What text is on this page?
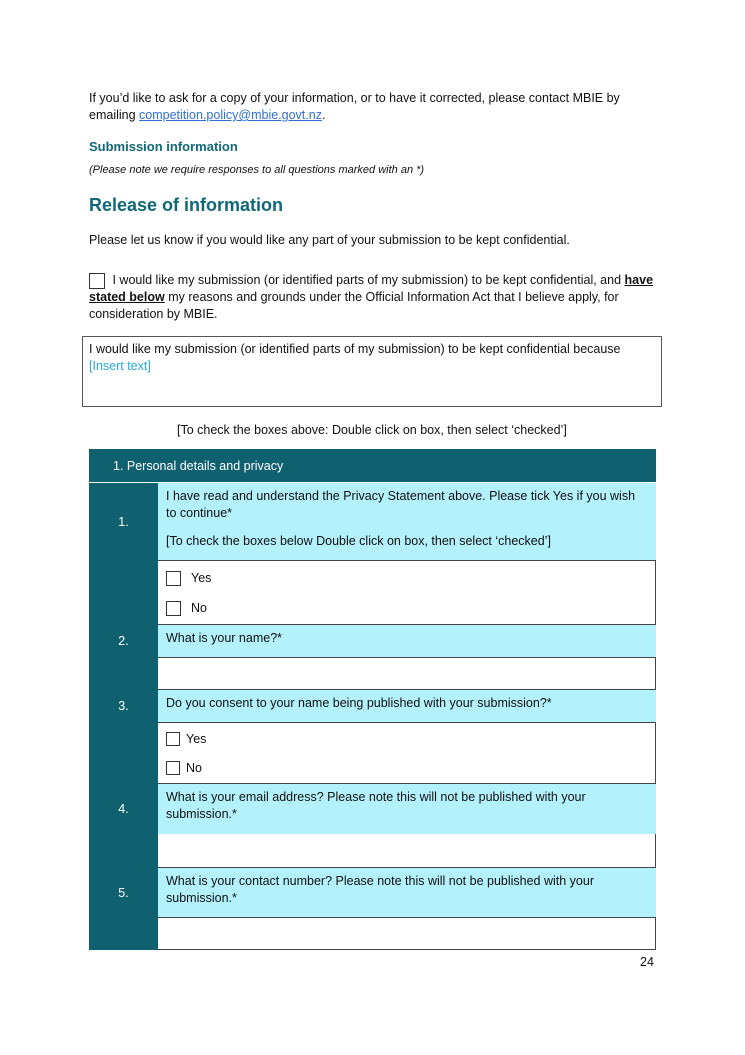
If you’d like to ask for a copy of your information, or to have it corrected, please contact MBIE by emailing competition.policy@mbie.govt.nz.
Submission information
(Please note we require responses to all questions marked with an *)
Release of information
Please let us know if you would like any part of your submission to be kept confidential.
I would like my submission (or identified parts of my submission) to be kept confidential, and have stated below my reasons and grounds under the Official Information Act that I believe apply, for consideration by MBIE.
I would like my submission (or identified parts of my submission) to be kept confidential because
[Insert text]
[To check the boxes above: Double click on box, then select ‘checked’]
1. Personal details and privacy
1.
I have read and understand the Privacy Statement above. Please tick Yes if you wish to continue*
[To check the boxes below Double click on box, then select ‘checked’]
Yes
No
2.	What is your name?*
3.	Do you consent to your name being published with your submission?*
Yes
No
4.
What is your email address? Please note this will not be published with your submission.*
5.
What is your contact number? Please note this will not be published with your submission.*
24
